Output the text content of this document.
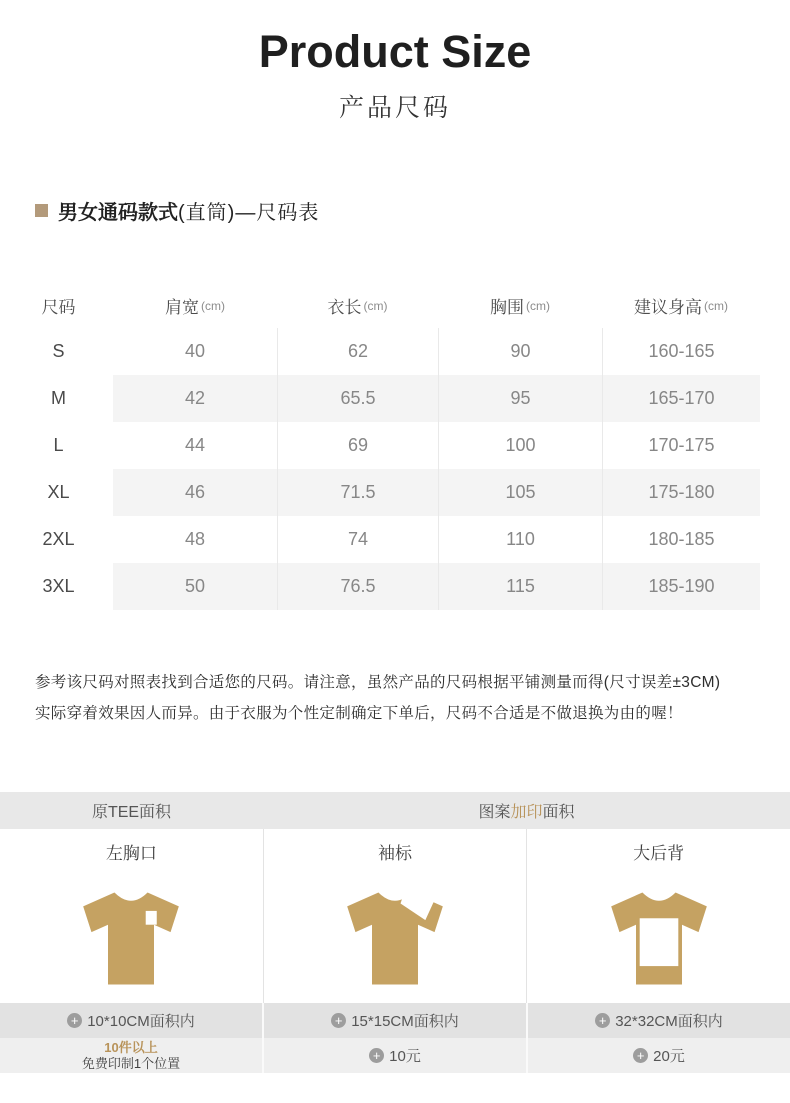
Product Size
产品尺码
男女通码款式 (直筒)—尺码表
尺码	肩宽 (cm)	衣长 (cm)	胸围 (cm)	建议身高 (cm)
S	40	62	90	160-165
M	42	65.5	95	165-170
L	44	69	100	170-175
XL	46	71.5	105	175-180
2XL	48	74	110	180-185
3XL	50	76.5	115	185-190
参考该尺码对照表找到合适您的尺码。请注意，虽然产品的尺码根据平铺测量而得(尺寸误差±3CM)
实际穿着效果因人而异。由于衣服为个性定制确定下单后，尺码不合适是不做退换为由的喔！
原TEE面积	图案加印面积
左胸口	袖标	大后背
+ 10*10CM面积内	+ 15*15CM面积内	+ 32*32CM面积内
10件以上
免费印制1个位置	+ 10元	+ 20元
